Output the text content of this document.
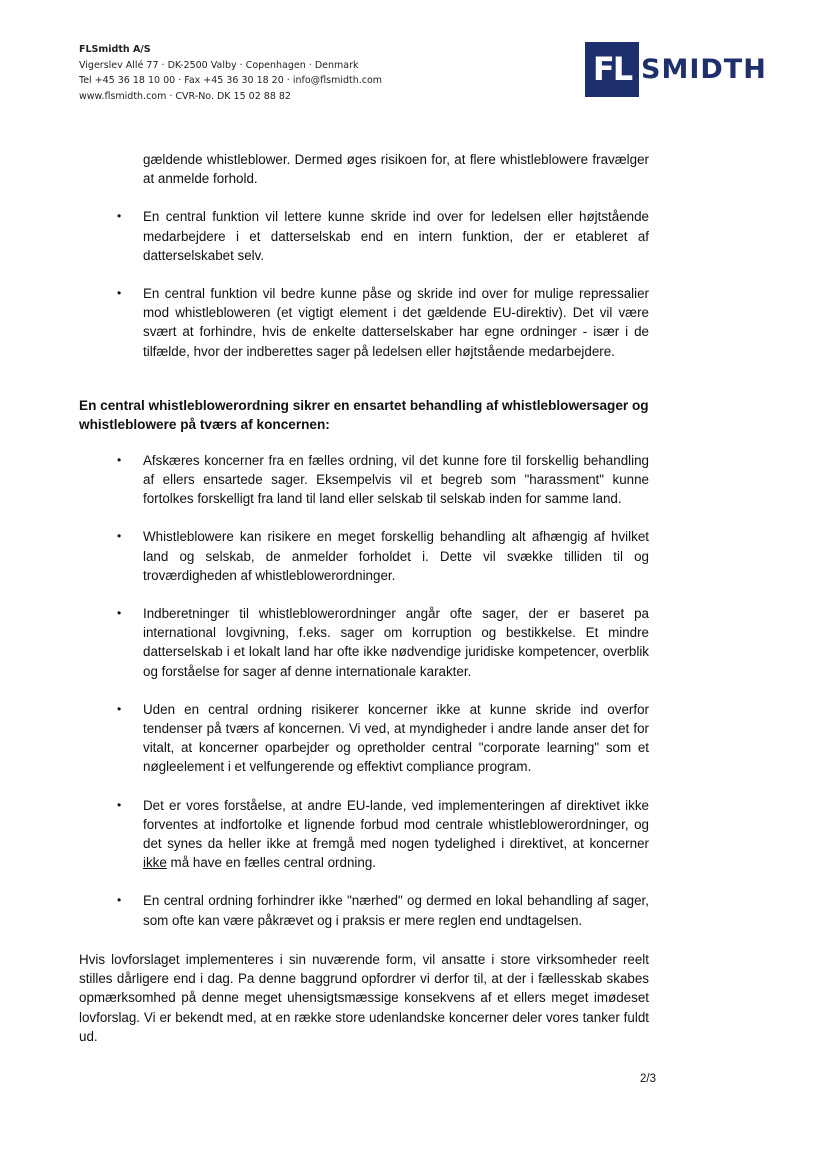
FLSmidth A/S
Vigerslev Allé 77 · DK-2500 Valby · Copenhagen · Denmark
Tel +45 36 18 10 00 · Fax +45 36 30 18 20 · info@flsmidth.com
www.flsmidth.com · CVR-No. DK 15 02 88 82
FL SMIDTH

gældende whistleblower. Dermed øges risikoen for, at flere whistleblowere fravælger at anmelde forhold.

• En central funktion vil lettere kunne skride ind over for ledelsen eller højtstående medarbejdere i et datterselskab end en intern funktion, der er etableret af datterselskabet selv.
• En central funktion vil bedre kunne påse og skride ind over for mulige repressalier mod whistlebloweren (et vigtigt element i det gældende EU-direktiv). Det vil være svært at forhindre, hvis de enkelte datterselskaber har egne ordninger - især i de tilfælde, hvor der indberettes sager på ledelsen eller højtstående medarbejdere.

En central whistleblowerordning sikrer en ensartet behandling af whistleblowersager og whistleblowere på tværs af koncernen:

• Afskæres koncerner fra en fælles ordning, vil det kunne fore til forskellig behandling af ellers ensartede sager. Eksempelvis vil et begreb som "harassment" kunne fortolkes forskelligt fra land til land eller selskab til selskab inden for samme land.
• Whistleblowere kan risikere en meget forskellig behandling alt afhængig af hvilket land og selskab, de anmelder forholdet i. Dette vil svække tilliden til og troværdigheden af whistleblowerordninger.
• Indberetninger til whistleblowerordninger angår ofte sager, der er baseret pa international lovgivning, f.eks. sager om korruption og bestikkelse. Et mindre datterselskab i et lokalt land har ofte ikke nødvendige juridiske kompetencer, overblik og forståelse for sager af denne internationale karakter.
• Uden en central ordning risikerer koncerner ikke at kunne skride ind overfor tendenser på tværs af koncernen. Vi ved, at myndigheder i andre lande anser det for vitalt, at koncerner oparbejder og opretholder central "corporate learning" som et nøgleelement i et velfungerende og effektivt compliance program.
• Det er vores forståelse, at andre EU-lande, ved implementeringen af direktivet ikke forventes at indfortolke et lignende forbud mod centrale whistleblowerordninger, og det synes da heller ikke at fremgå med nogen tydelighed i direktivet, at koncerner ikke må have en fælles central ordning.
• En central ordning forhindrer ikke "nærhed" og dermed en lokal behandling af sager, som ofte kan være påkrævet og i praksis er mere reglen end undtagelsen.

Hvis lovforslaget implementeres i sin nuværende form, vil ansatte i store virksomheder reelt stilles dårligere end i dag. Pa denne baggrund opfordrer vi derfor til, at der i fællesskab skabes opmærksomhed på denne meget uhensigtsmæssige konsekvens af et ellers meget imødeset lovforslag. Vi er bekendt med, at en række store udenlandske koncerner deler vores tanker fuldt ud.

2/3
